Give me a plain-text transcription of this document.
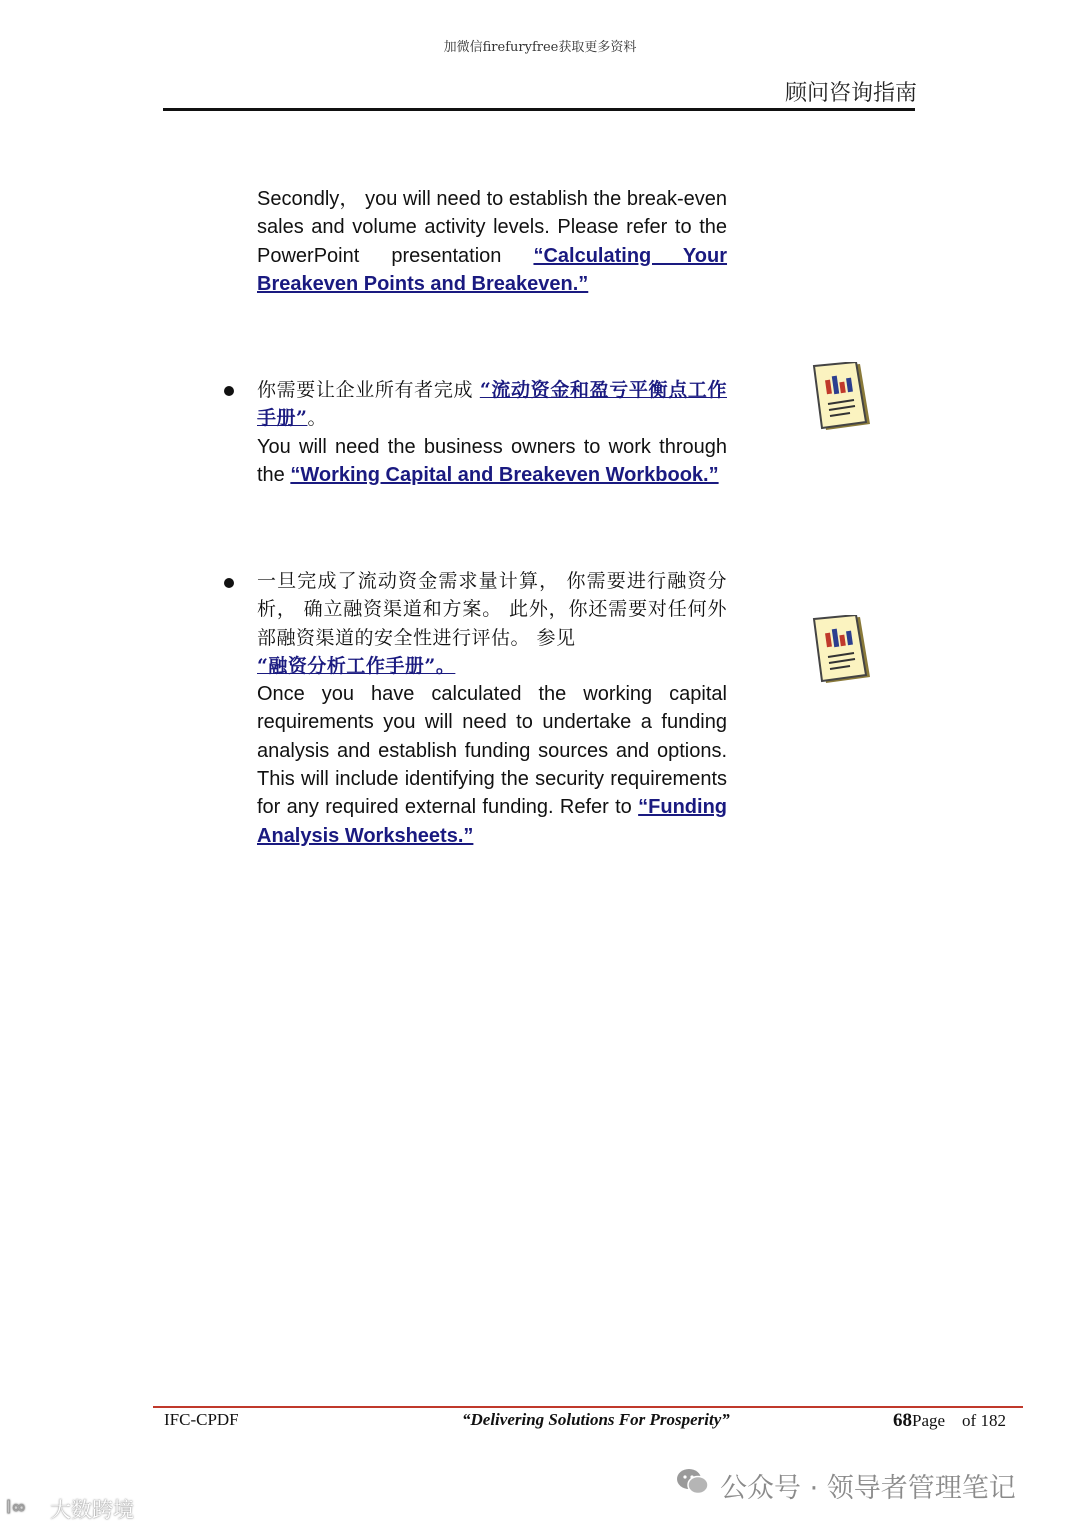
加微信firefuryfree获取更多资料
顾问咨询指南

Secondly， you will need to establish the break-even sales and volume activity levels. Please refer to the PowerPoint presentation “Calculating Your Breakeven Points and Breakeven.”

你需要让企业所有者完成 “流动资金和盈亏平衡点工作手册”。

You will need the business owners to work through the “Working Capital and Breakeven Workbook.”

一旦完成了流动资金需求量计算， 你需要进行融资分析， 确立融资渠道和方案。 此外，你还需要对任何外部融资渠道的安全性进行评估。 参见
“融资分析工作手册”。

Once you have calculated the working capital requirements you will need to undertake a funding analysis and establish funding sources and options. This will include identifying the security requirements for any required external funding. Refer to “Funding Analysis Worksheets.”

IFC-CPDF	“Delivering Solutions For Prosperity”	68Page of 182
公众号 · 领导者管理笔记
Ⅰ∞ 大数跨境
